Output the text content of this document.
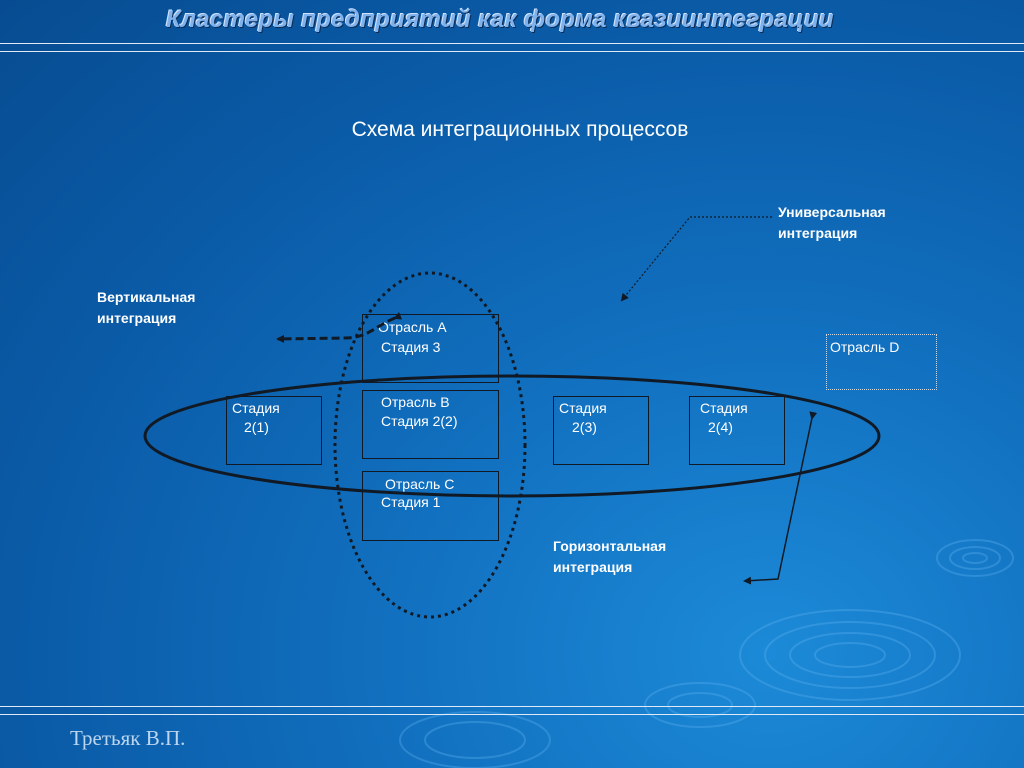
Кластеры предприятий как форма квазиинтеграции
Схема интеграционных процессов
Универсальная
интеграция
Вертикальная
интеграция
Горизонтальная
интеграция
Отрасль А
Стадия 3
Отрасль В
Стадия 2(2)
Отрасль С
Стадия 1
Стадия
2(1)
Стадия
2(3)
Стадия
2(4)
Отрасль D
Третьяк В.П.
